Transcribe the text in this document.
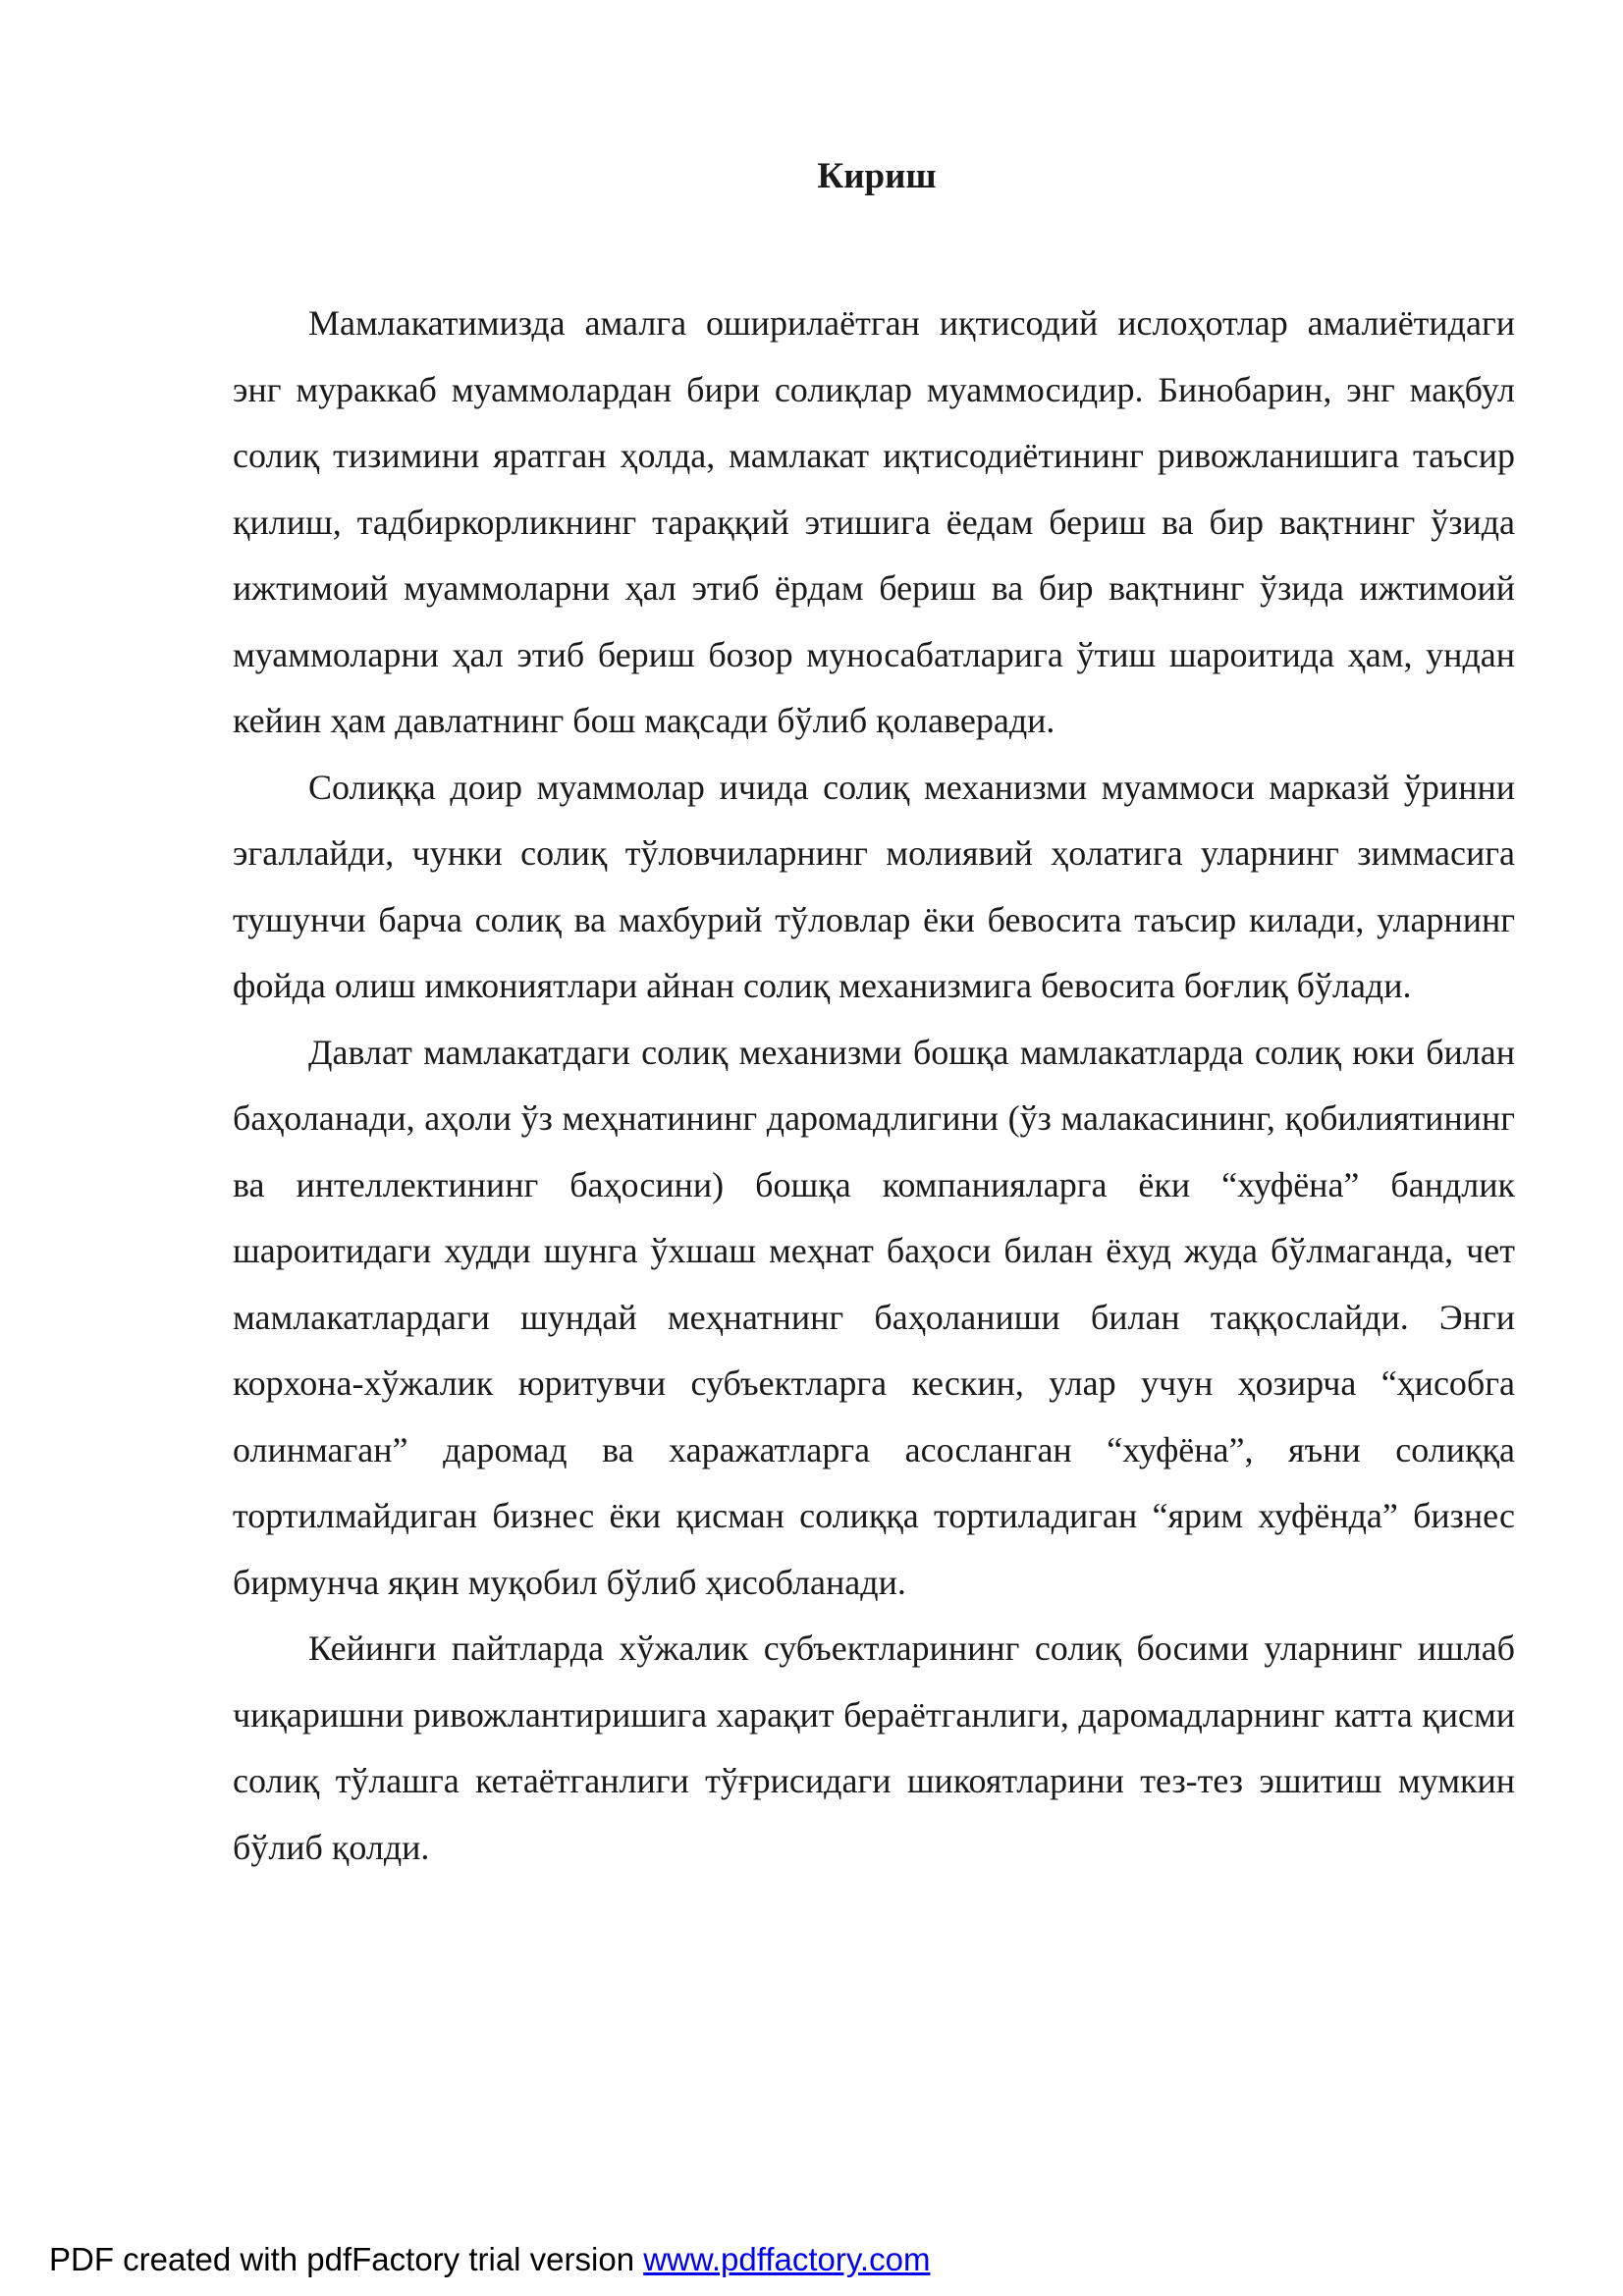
Кириш

Мамлакатимизда амалга оширилаётган иқтисодий ислоҳотлар амалиётидаги энг мураккаб муаммолардан бири солиқлар муаммосидир. Бинобарин, энг мақбул солиқ тизимини яратган ҳолда, мамлакат иқтисодиётининг ривожланишига таъсир қилиш, тадбиркорликнинг тараққий этишига ёедам бериш ва бир вақтнинг ўзида ижтимоий муаммоларни ҳал этиб ёрдам бериш ва бир вақтнинг ўзида ижтимоий муаммоларни ҳал этиб бериш бозор муносабатларига ўтиш шароитида ҳам, ундан кейин ҳам давлатнинг бош мақсади бўлиб қолаверади.

Солиққа доир муаммолар ичида солиқ механизми муаммоси марказй ўринни эгаллайди, чунки солиқ тўловчиларнинг молиявий ҳолатига уларнинг зиммасига тушунчи барча солиқ ва махбурий тўловлар ёки бевосита таъсир килади, уларнинг фойда олиш имкониятлари айнан солиқ механизмига бевосита боғлиқ бўлади.

Давлат мамлакатдаги солиқ механизми бошқа мамлакатларда солиқ юки билан баҳоланади, аҳоли ўз меҳнатининг даромадлигини (ўз малакасининг, қобилиятининг ва интеллектининг баҳосини) бошқа компанияларга ёки “хуфёна” бандлик шароитидаги худди шунга ўхшаш меҳнат баҳоси билан ёхуд жуда бўлмаганда, чет мамлакатлардаги шундай меҳнатнинг баҳоланиши билан таққослайди. Энги корхона-хўжалик юритувчи субъектларга кескин, улар учун ҳозирча “ҳисобга олинмаган” даромад ва харажатларга асосланган “хуфёна”, яъни солиққа тортилмайдиган бизнес ёки қисман солиққа тортиладиган “ярим хуфёнда” бизнес бирмунча яқин муқобил бўлиб ҳисобланади.

Кейинги пайтларда хўжалик субъектларининг солиқ босими уларнинг ишлаб чиқаришни ривожлантиришига харақит бераётганлиги, даромадларнинг катта қисми солиқ тўлашга кетаётганлиги тўғрисидаги шикоятларини тез-тез эшитиш мумкин бўлиб қолди.

PDF created with pdfFactory trial version www.pdffactory.com
